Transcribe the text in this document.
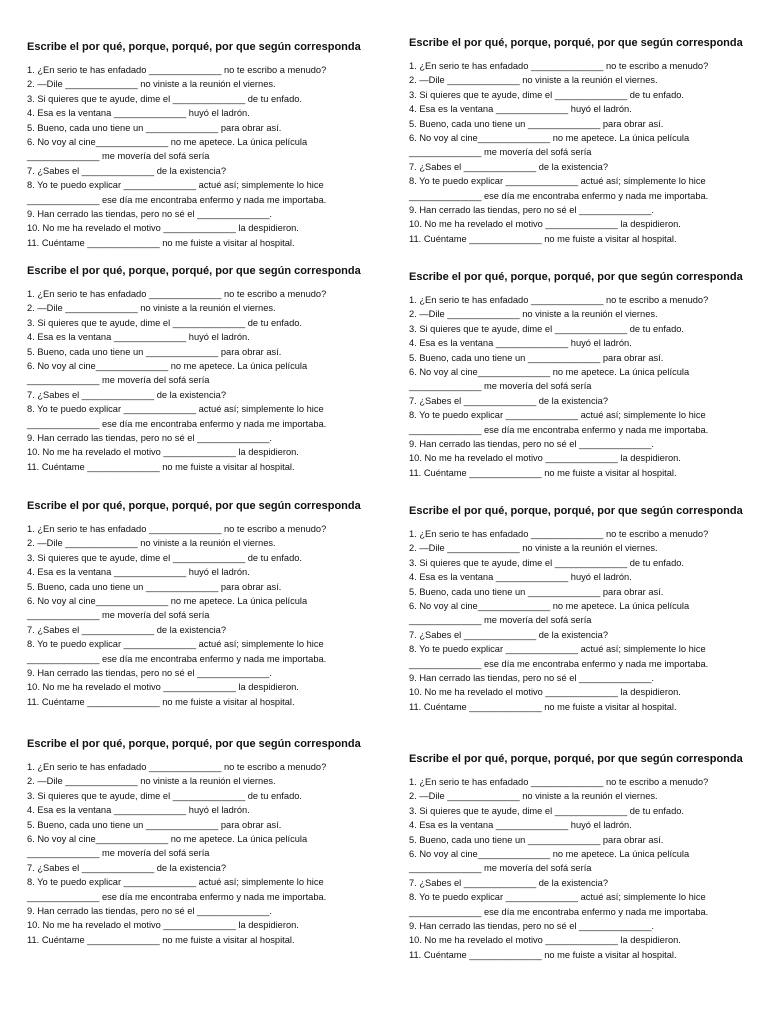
Escribe el por qué, porque, porqué, por que según corresponda
1. ¿En serio te has enfadado ______________ no te escribo a menudo?
2. —Dile ______________ no viniste a la reunión el viernes.
3. Si quieres que te ayude, dime el ______________ de tu enfado.
4. Esa es la ventana ______________ huyó el ladrón.
5. Bueno, cada uno tiene un ______________ para obrar así.
6. No voy al cine______________ no me apetece. La única película
______________ me movería del sofá sería
7. ¿Sabes el ______________ de la existencia?
8. Yo te puedo explicar ______________ actué así; simplemente lo hice
______________ ese día me encontraba enfermo y nada me importaba.
9. Han cerrado las tiendas, pero no sé el ______________.
10. No me ha revelado el motivo ______________ la despidieron.
11. Cuéntame ______________ no me fuiste a visitar al hospital.
Escribe el por qué, porque, porqué, por que según corresponda
1. ¿En serio te has enfadado ______________ no te escribo a menudo?
2. —Dile ______________ no viniste a la reunión el viernes.
3. Si quieres que te ayude, dime el ______________ de tu enfado.
4. Esa es la ventana ______________ huyó el ladrón.
5. Bueno, cada uno tiene un ______________ para obrar así.
6. No voy al cine______________ no me apetece. La única película
______________ me movería del sofá sería
7. ¿Sabes el ______________ de la existencia?
8. Yo te puedo explicar ______________ actué así; simplemente lo hice
______________ ese día me encontraba enfermo y nada me importaba.
9. Han cerrado las tiendas, pero no sé el ______________.
10. No me ha revelado el motivo ______________ la despidieron.
11. Cuéntame ______________ no me fuiste a visitar al hospital.
Escribe el por qué, porque, porqué, por que según corresponda
1. ¿En serio te has enfadado ______________ no te escribo a menudo?
2. —Dile ______________ no viniste a la reunión el viernes.
3. Si quieres que te ayude, dime el ______________ de tu enfado.
4. Esa es la ventana ______________ huyó el ladrón.
5. Bueno, cada uno tiene un ______________ para obrar así.
6. No voy al cine______________ no me apetece. La única película
______________ me movería del sofá sería
7. ¿Sabes el ______________ de la existencia?
8. Yo te puedo explicar ______________ actué así; simplemente lo hice
______________ ese día me encontraba enfermo y nada me importaba.
9. Han cerrado las tiendas, pero no sé el ______________.
10. No me ha revelado el motivo ______________ la despidieron.
11. Cuéntame ______________ no me fuiste a visitar al hospital.
Escribe el por qué, porque, porqué, por que según corresponda
1. ¿En serio te has enfadado ______________ no te escribo a menudo?
2. —Dile ______________ no viniste a la reunión el viernes.
3. Si quieres que te ayude, dime el ______________ de tu enfado.
4. Esa es la ventana ______________ huyó el ladrón.
5. Bueno, cada uno tiene un ______________ para obrar así.
6. No voy al cine______________ no me apetece. La única película
______________ me movería del sofá sería
7. ¿Sabes el ______________ de la existencia?
8. Yo te puedo explicar ______________ actué así; simplemente lo hice
______________ ese día me encontraba enfermo y nada me importaba.
9. Han cerrado las tiendas, pero no sé el ______________.
10. No me ha revelado el motivo ______________ la despidieron.
11. Cuéntame ______________ no me fuiste a visitar al hospital.
Escribe el por qué, porque, porqué, por que según corresponda
1. ¿En serio te has enfadado ______________ no te escribo a menudo?
2. —Dile ______________ no viniste a la reunión el viernes.
3. Si quieres que te ayude, dime el ______________ de tu enfado.
4. Esa es la ventana ______________ huyó el ladrón.
5. Bueno, cada uno tiene un ______________ para obrar así.
6. No voy al cine______________ no me apetece. La única película
______________ me movería del sofá sería
7. ¿Sabes el ______________ de la existencia?
8. Yo te puedo explicar ______________ actué así; simplemente lo hice
______________ ese día me encontraba enfermo y nada me importaba.
9. Han cerrado las tiendas, pero no sé el ______________.
10. No me ha revelado el motivo ______________ la despidieron.
11. Cuéntame ______________ no me fuiste a visitar al hospital.
Escribe el por qué, porque, porqué, por que según corresponda
1. ¿En serio te has enfadado ______________ no te escribo a menudo?
2. —Dile ______________ no viniste a la reunión el viernes.
3. Si quieres que te ayude, dime el ______________ de tu enfado.
4. Esa es la ventana ______________ huyó el ladrón.
5. Bueno, cada uno tiene un ______________ para obrar así.
6. No voy al cine______________ no me apetece. La única película
______________ me movería del sofá sería
7. ¿Sabes el ______________ de la existencia?
8. Yo te puedo explicar ______________ actué así; simplemente lo hice
______________ ese día me encontraba enfermo y nada me importaba.
9. Han cerrado las tiendas, pero no sé el ______________.
10. No me ha revelado el motivo ______________ la despidieron.
11. Cuéntame ______________ no me fuiste a visitar al hospital.
Escribe el por qué, porque, porqué, por que según corresponda
1. ¿En serio te has enfadado ______________ no te escribo a menudo?
2. —Dile ______________ no viniste a la reunión el viernes.
3. Si quieres que te ayude, dime el ______________ de tu enfado.
4. Esa es la ventana ______________ huyó el ladrón.
5. Bueno, cada uno tiene un ______________ para obrar así.
6. No voy al cine______________ no me apetece. La única película
______________ me movería del sofá sería
7. ¿Sabes el ______________ de la existencia?
8. Yo te puedo explicar ______________ actué así; simplemente lo hice
______________ ese día me encontraba enfermo y nada me importaba.
9. Han cerrado las tiendas, pero no sé el ______________.
10. No me ha revelado el motivo ______________ la despidieron.
11. Cuéntame ______________ no me fuiste a visitar al hospital.
Escribe el por qué, porque, porqué, por que según corresponda
1. ¿En serio te has enfadado ______________ no te escribo a menudo?
2. —Dile ______________ no viniste a la reunión el viernes.
3. Si quieres que te ayude, dime el ______________ de tu enfado.
4. Esa es la ventana ______________ huyó el ladrón.
5. Bueno, cada uno tiene un ______________ para obrar así.
6. No voy al cine______________ no me apetece. La única película
______________ me movería del sofá sería
7. ¿Sabes el ______________ de la existencia?
8. Yo te puedo explicar ______________ actué así; simplemente lo hice
______________ ese día me encontraba enfermo y nada me importaba.
9. Han cerrado las tiendas, pero no sé el ______________.
10. No me ha revelado el motivo ______________ la despidieron.
11. Cuéntame ______________ no me fuiste a visitar al hospital.
